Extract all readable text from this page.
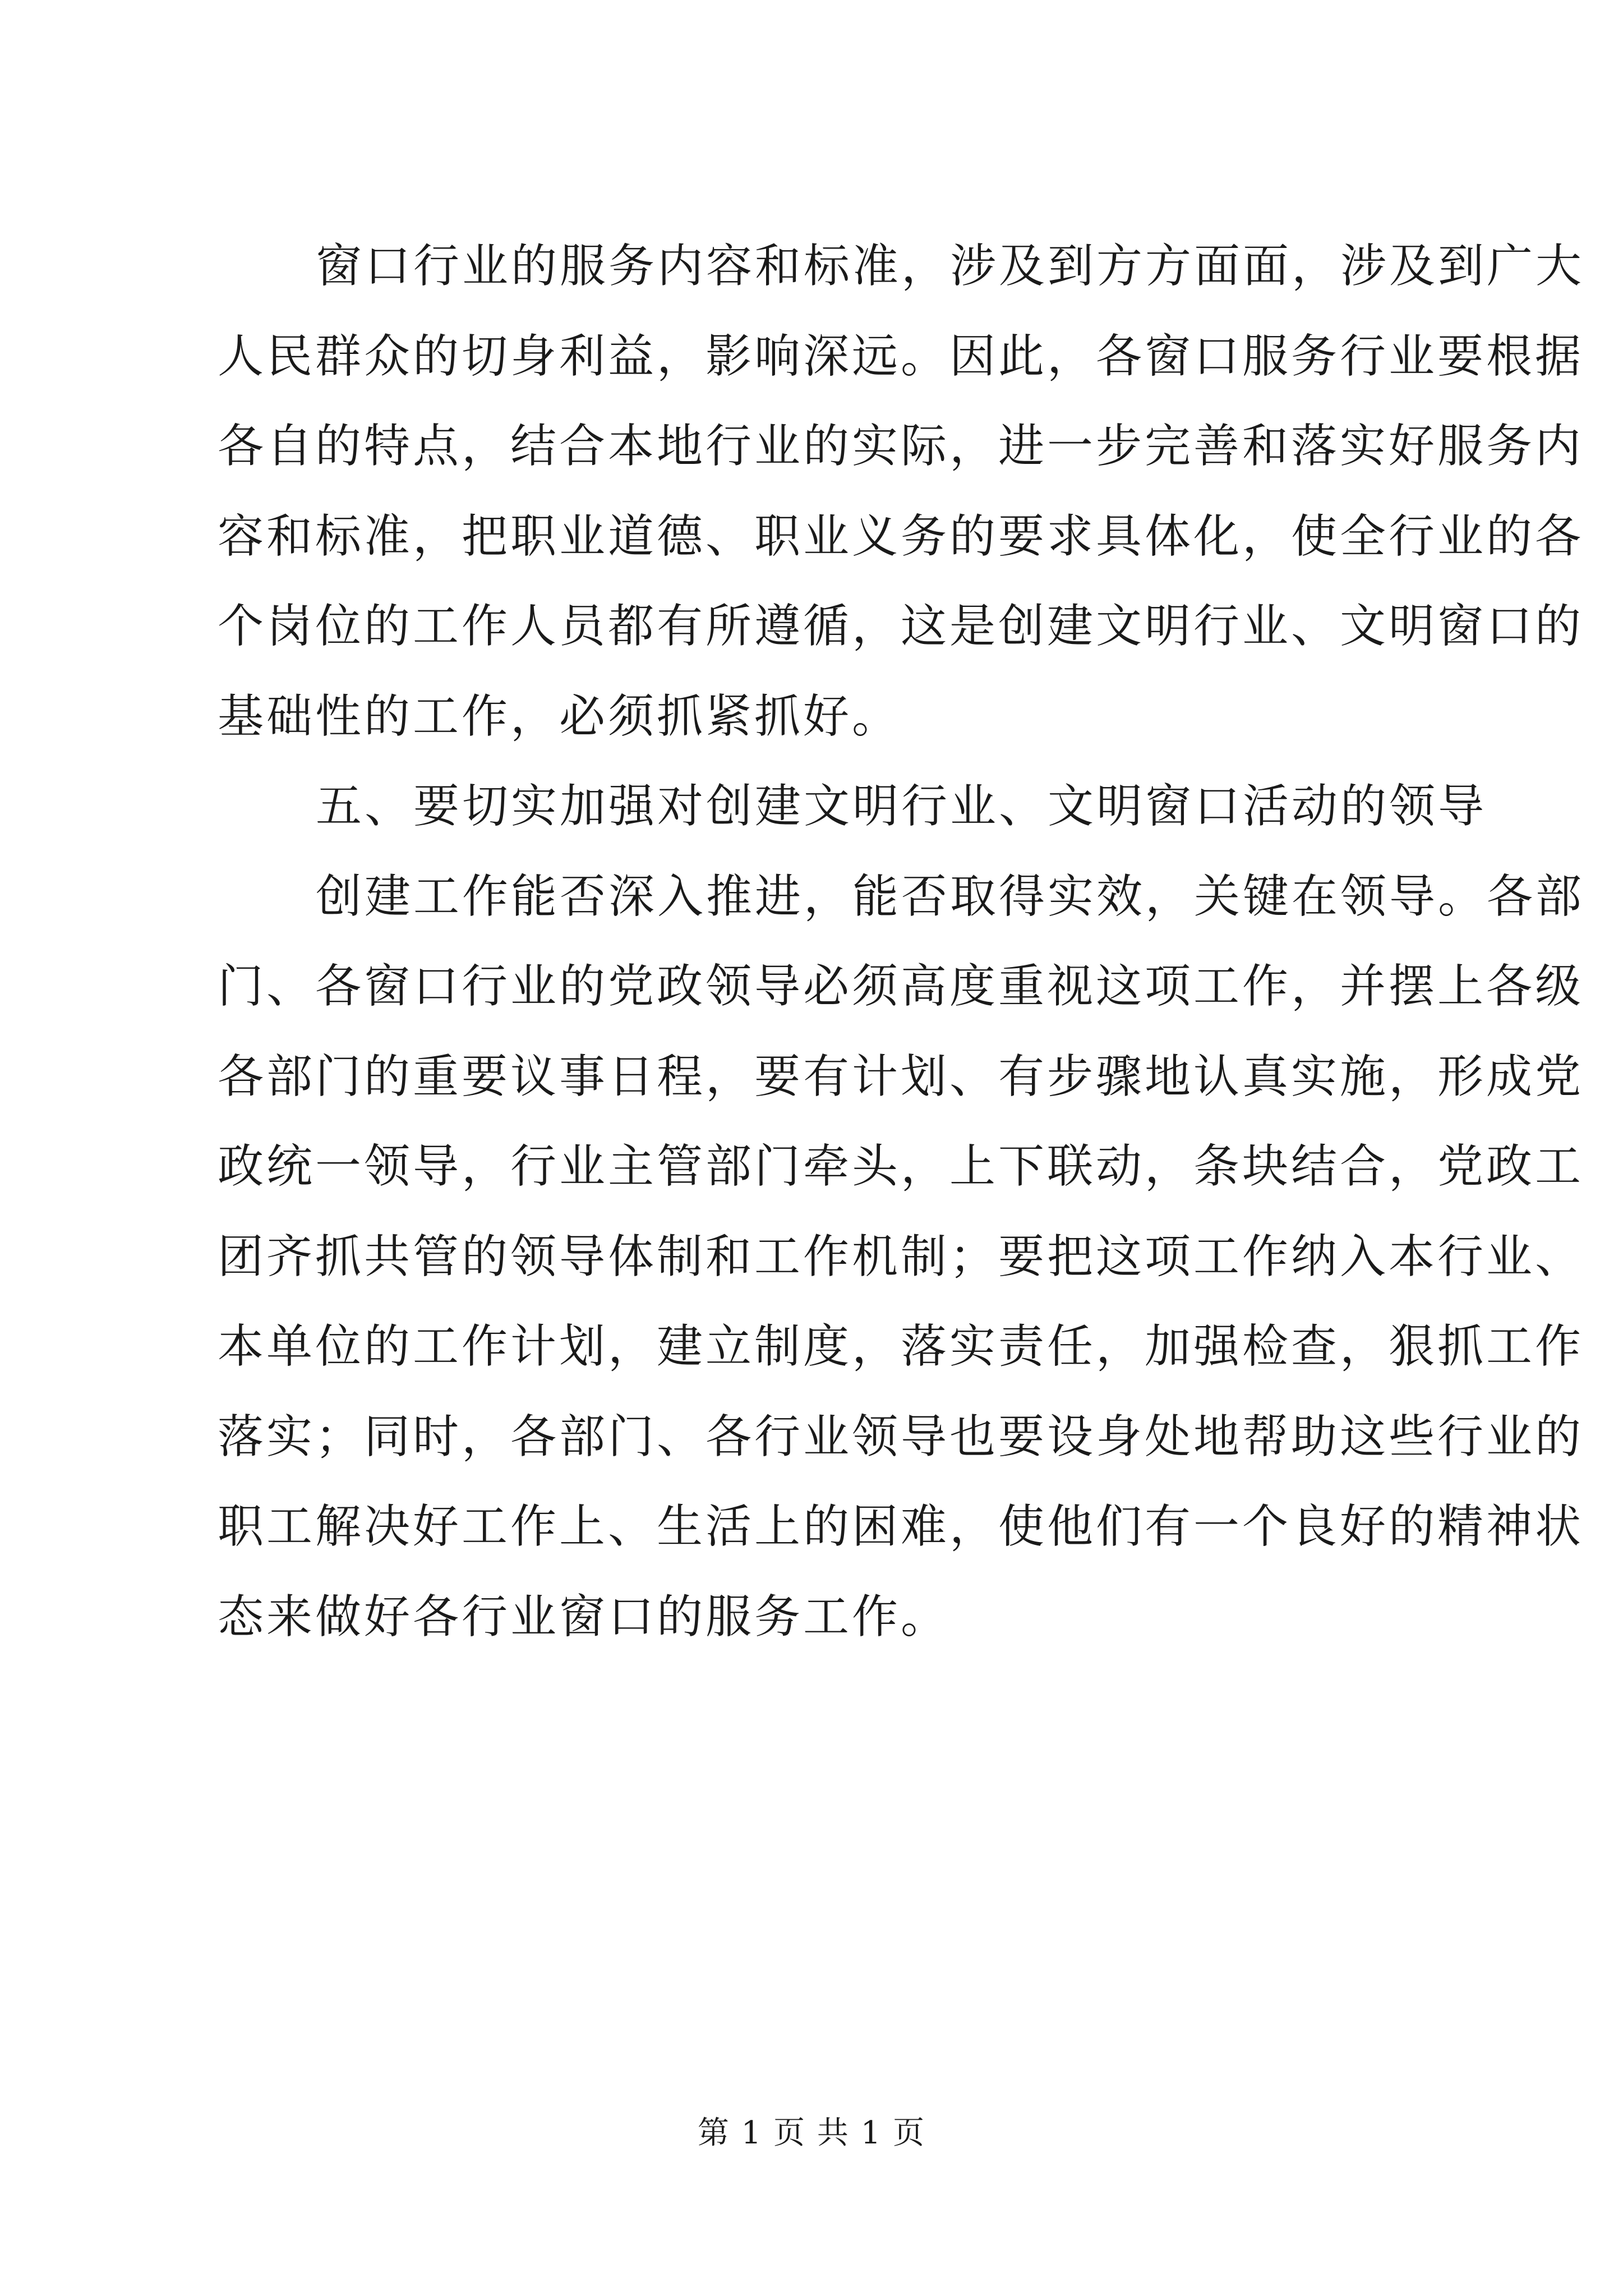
窗口行业的服务内容和标准，涉及到方方面面，涉及到广大
人民群众的切身利益，影响深远。因此，各窗口服务行业要根据
各自的特点，结合本地行业的实际，进一步完善和落实好服务内
容和标准，把职业道德、职业义务的要求具体化，使全行业的各
个岗位的工作人员都有所遵循，这是创建文明行业、文明窗口的
基础性的工作，必须抓紧抓好。
五、要切实加强对创建文明行业、文明窗口活动的领导
创建工作能否深入推进，能否取得实效，关键在领导。各部
门、各窗口行业的党政领导必须高度重视这项工作，并摆上各级
各部门的重要议事日程，要有计划、有步骤地认真实施，形成党
政统一领导，行业主管部门牵头，上下联动，条块结合，党政工
团齐抓共管的领导体制和工作机制；要把这项工作纳入本行业、
本单位的工作计划，建立制度，落实责任，加强检查，狠抓工作
落实；同时，各部门、各行业领导也要设身处地帮助这些行业的
职工解决好工作上、生活上的困难，使他们有一个良好的精神状
态来做好各行业窗口的服务工作。
第 1 页 共 1 页
